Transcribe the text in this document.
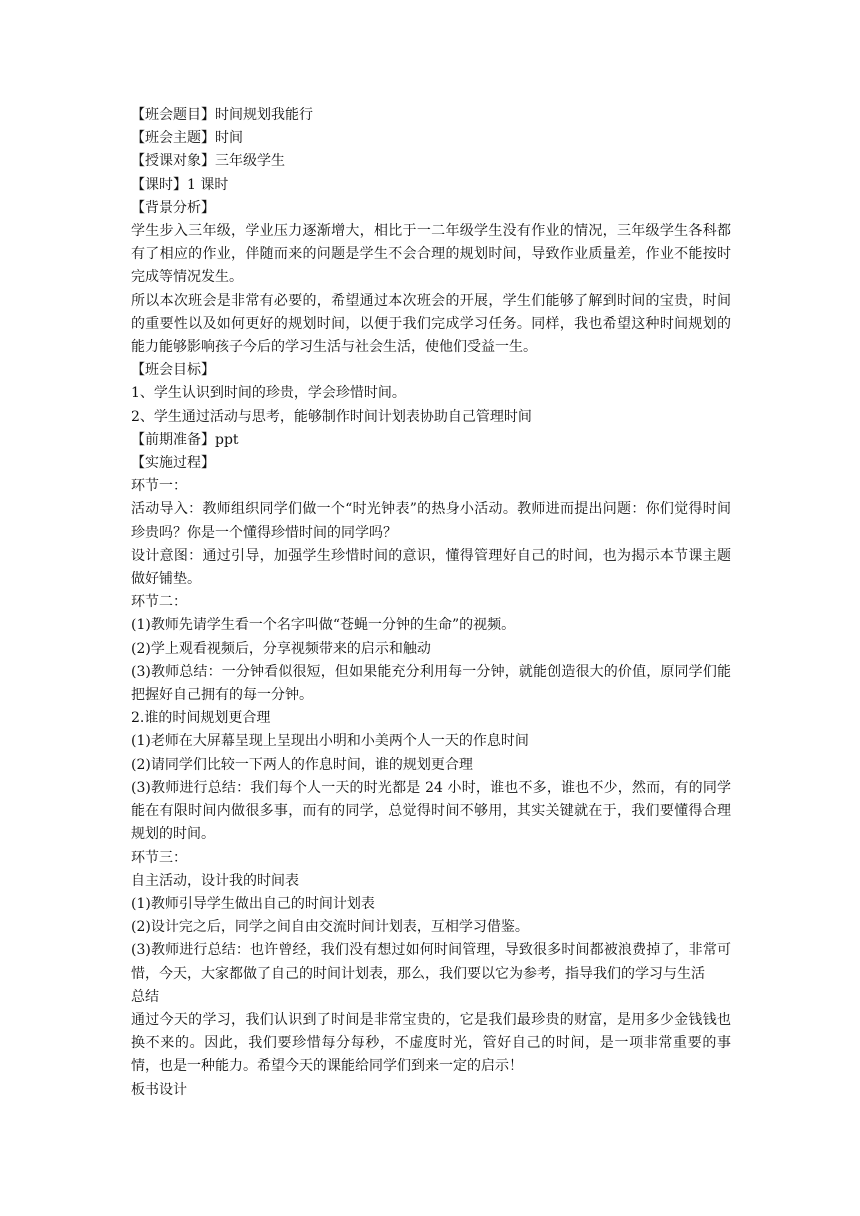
【班会题目】时间规划我能行

【班会主题】时间

【授课对象】三年级学生

【课时】1 课时

【背景分析】

学生步入三年级，学业压力逐渐增大，相比于一二年级学生没有作业的情况，三年级学生各科都有了相应的作业，伴随而来的问题是学生不会合理的规划时间，导致作业质量差，作业不能按时完成等情况发生。

所以本次班会是非常有必要的，希望通过本次班会的开展，学生们能够了解到时间的宝贵，时间的重要性以及如何更好的规划时间，以便于我们完成学习任务。同样，我也希望这种时间规划的能力能够影响孩子今后的学习生活与社会生活，使他们受益一生。

【班会目标】

1、学生认识到时间的珍贵，学会珍惜时间。

2、学生通过活动与思考，能够制作时间计划表协助自己管理时间

【前期准备】ppt

【实施过程】

环节一：

活动导入：教师组织同学们做一个“时光钟表”的热身小活动。教师进而提出问题：你们觉得时间珍贵吗？你是一个懂得珍惜时间的同学吗？

设计意图：通过引导，加强学生珍惜时间的意识，懂得管理好自己的时间，也为揭示本节课主题做好铺垫。

环节二：

(1)教师先请学生看一个名字叫做“苍蝇一分钟的生命”的视频。

(2)学上观看视频后，分享视频带来的启示和触动

(3)教师总结：一分钟看似很短，但如果能充分利用每一分钟，就能创造很大的价值，原同学们能把握好自己拥有的每一分钟。

2.谁的时间规划更合理

(1)老师在大屏幕呈现上呈现出小明和小美两个人一天的作息时间

(2)请同学们比较一下两人的作息时间，谁的规划更合理

(3)教师进行总结：我们每个人一天的时光都是 24 小时，谁也不多，谁也不少，然而，有的同学能在有限时间内做很多事，而有的同学，总觉得时间不够用，其实关键就在于，我们要懂得合理规划的时间。

环节三：

自主活动，设计我的时间表

(1)教师引导学生做出自己的时间计划表

(2)设计完之后，同学之间自由交流时间计划表，互相学习借鉴。

(3)教师进行总结：也许曾经，我们没有想过如何时间管理，导致很多时间都被浪费掉了，非常可惜，今天，大家都做了自己的时间计划表，那么，我们要以它为参考，指导我们的学习与生活

总结

通过今天的学习，我们认识到了时间是非常宝贵的，它是我们最珍贵的财富，是用多少金钱钱也换不来的。因此，我们要珍惜每分每秒，不虚度时光，管好自己的时间，是一项非常重要的事情，也是一种能力。希望今天的课能给同学们到来一定的启示！

板书设计
